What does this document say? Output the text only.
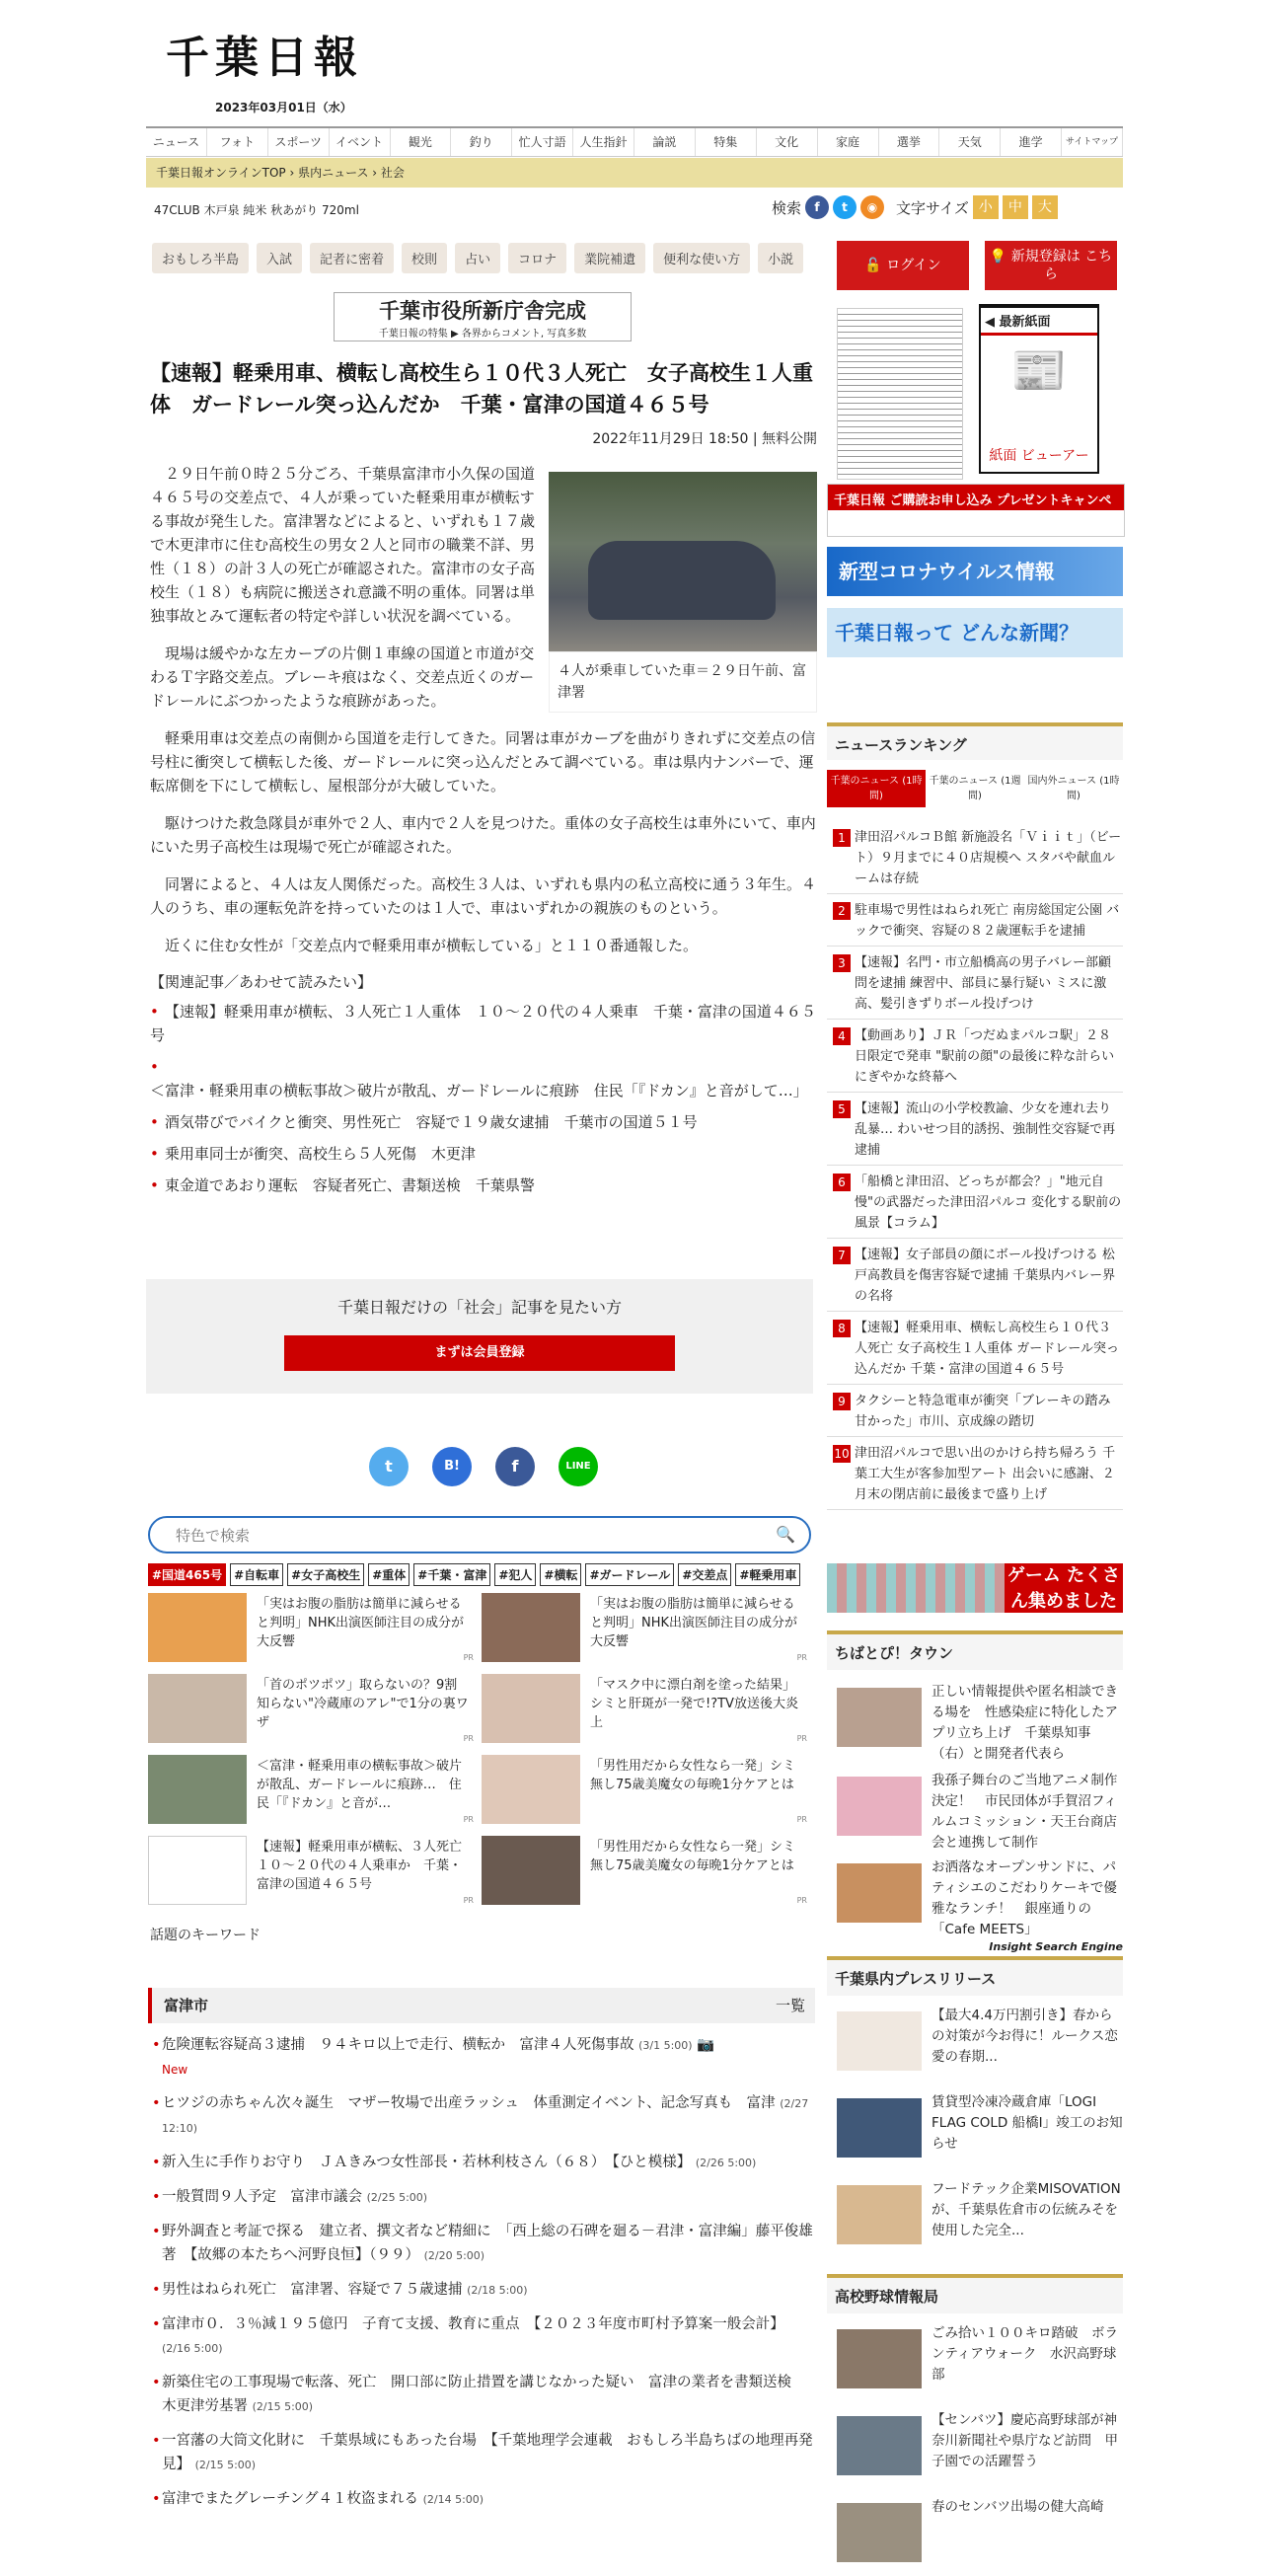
千葉日報
2023年03月01日（水）
ニュース	フォト	スポーツ	イベント	観光	釣り	忙人寸語	人生指針	論説	特集	文化	家庭	選挙	天気	進学	サイトマップ
千葉日報オンラインTOP › 県内ニュース › 社会
47CLUB 木戸泉 純米 秋あがり 720ml	検索	f	t	◉	文字サイズ 小	中	大
おもしろ半島	入試	記者に密着	校則	占い	コロナ	業院補遺	便利な使い方	小説
千葉市役所新庁舎完成
千葉日報の特集 ▶ 各界からコメント, 写真多数
【速報】軽乗用車、横転し高校生ら１０代３人死亡　女子高校生１人重体　ガードレール突っ込んだか　千葉・富津の国道４６５号
2022年11月29日 18:50 | 無料公開
４人が乗車していた車＝２９日午前、富津署

２９日午前０時２５分ごろ、千葉県富津市小久保の国道４６５号の交差点で、４人が乗っていた軽乗用車が横転する事故が発生した。富津署などによると、いずれも１７歳で木更津市に住む高校生の男女２人と同市の職業不詳、男性（１８）の計３人の死亡が確認された。富津市の女子高校生（１８）も病院に搬送され意識不明の重体。同署は単独事故とみて運転者の特定や詳しい状況を調べている。

現場は緩やかな左カーブの片側１車線の国道と市道が交わるＴ字路交差点。ブレーキ痕はなく、交差点近くのガードレールにぶつかったような痕跡があった。

軽乗用車は交差点の南側から国道を走行してきた。同署は車がカーブを曲がりきれずに交差点の信号柱に衝突して横転した後、ガードレールに突っ込んだとみて調べている。車は県内ナンバーで、運転席側を下にして横転し、屋根部分が大破していた。

駆けつけた救急隊員が車外で２人、車内で２人を見つけた。重体の女子高校生は車外にいて、車内にいた男子高校生は現場で死亡が確認された。

同署によると、４人は友人関係だった。高校生３人は、いずれも県内の私立高校に通う３年生。４人のうち、車の運転免許を持っていたのは１人で、車はいずれかの親族のものという。

近くに住む女性が「交差点内で軽乗用車が横転している」と１１０番通報した。

【関連記事／あわせて読みたい】
• 【速報】軽乗用車が横転、３人死亡１人重体　１０～２０代の４人乗車　千葉・富津の国道４６５号
• ＜富津・軽乗用車の横転事故＞破片が散乱、ガードレールに痕跡　住民「『ドカン』と音がして…」
• 酒気帯びでバイクと衝突、男性死亡　容疑で１９歳女逮捕　千葉市の国道５１号
• 乗用車同士が衝突、高校生ら５人死傷　木更津
• 東金道であおり運転　容疑者死亡、書類送検　千葉県警
千葉日報だけの「社会」記事を見たい方
まずは会員登録
t	B!	f	LINE
特色で検索
🔍
#国道465号	#自転車	#女子高校生	#重体	#千葉・富津	#犯人	#横転	#ガードレール	#交差点	#軽乗用車
「実はお腹の脂肪は簡単に減らせると判明」NHK出演医師注目の成分が大反響
PR
「実はお腹の脂肪は簡単に減らせると判明」NHK出演医師注目の成分が大反響
PR
「首のポツポツ」取らないの？9割知らない"冷蔵庫のアレ"で1分の裏ワザ
PR
「マスク中に漂白剤を塗った結果」シミと肝斑が一発で!?TV放送後大炎上
PR
＜富津・軽乗用車の横転事故＞破片が散乱、ガードレールに痕跡…　住民「『ドカン』と音が…
PR
「男性用だから女性なら一発」シミ無し75歳美魔女の毎晩1分ケアとは
PR
【速報】軽乗用車が横転、３人死亡　１０～２０代の４人乗車か　千葉・富津の国道４６５号
PR
「男性用だから女性なら一発」シミ無し75歳美魔女の毎晩1分ケアとは
PR
話題のキーワード
Insight Search Engine
富津市	一覧
• 危険運転容疑高３逮捕　９４キロ以上で走行、横転か　富津４人死傷事故 (3/1 5:00) 📷
New
• ヒツジの赤ちゃん次々誕生　マザー牧場で出産ラッシュ　体重測定イベント、記念写真も　富津 (2/27 12:10)
• 新入生に手作りお守り　ＪＡきみつ女性部長・若林利枝さん（６８）　【ひと模様】 (2/26 5:00)
• 一般質問９人予定　富津市議会 (2/25 5:00)
• 野外調査と考証で探る　建立者、撰文者など精細に　「西上総の石碑を廻る－君津・富津編」藤平俊雄著　【故郷の本たちへ河野良恒】（９９） (2/20 5:00)
• 男性はねられ死亡　富津署、容疑で７５歳逮捕 (2/18 5:00)
• 富津市０．３％減１９５億円　子育て支援、教育に重点　【２０２３年度市町村予算案一般会計】 (2/16 5:00)
• 新築住宅の工事現場で転落、死亡　開口部に防止措置を講じなかった疑い　富津の業者を書類送検　木更津労基署 (2/15 5:00)
• 一宮藩の大筒文化財に　千葉県域にもあった台場　【千葉地理学会連載　おもしろ半島ちばの地理再発見】 (2/15 5:00)
• 富津でまたグレーチング４１枚盗まれる (2/14 5:00)
🔓 ログイン
💡 新規登録は こちら
◀ 最新紙面
📰
紙面 ビューアー
千葉日報 ご購読お申し込み プレゼントキャンペーン実施中！
新型コロナウイルス情報
千葉日報って どんな新聞？
ニュースランキング
千葉のニュース (1時間)
千葉のニュース (1週間)
国内外ニュース (1時間)
1 津田沼パルコＢ館 新施設名「Ｖｉｉｔ」（ビート）９月までに４０店規模へ スタバや献血ルームは存続
2 駐車場で男性はねられ死亡 南房総国定公園 バックで衝突、容疑の８２歳運転手を逮捕
3 【速報】名門・市立船橋高の男子バレー部顧問を逮捕 練習中、部員に暴行疑い ミスに激高、髪引きずりボール投げつけ
4 【動画あり】ＪＲ「つだぬまパルコ駅」２８日限定で発車 "駅前の顔"の最後に粋な計らい にぎやかな終幕へ
5 【速報】流山の小学校教諭、少女を連れ去り乱暴… わいせつ目的誘拐、強制性交容疑で再逮捕
6 「船橋と津田沼、どっちが都会？」"地元自慢"の武器だった津田沼パルコ 変化する駅前の風景【コラム】
7 【速報】女子部員の顔にボール投げつける 松戸高教員を傷害容疑で逮捕 千葉県内バレー界の名将
8 【速報】軽乗用車、横転し高校生ら１０代３人死亡 女子高校生１人重体 ガードレール突っ込んだか 千葉・富津の国道４６５号
9 タクシーと特急電車が衝突「ブレーキの踏み甘かった」市川、京成線の踏切
10 津田沼パルコで思い出のかけら持ち帰ろう 千葉工大生が客参加型アート 出会いに感謝、２月末の閉店前に最後まで盛り上げ
ゲーム たくさん集めました
ちばとぴ！タウン
正しい情報提供や匿名相談できる場を　性感染症に特化したアプリ立ち上げ　千葉県知事（右）と開発者代表ら
我孫子舞台のご当地アニメ制作決定！　市民団体が手賀沼フィルムコミッション・天王台商店会と連携して制作
お洒落なオープンサンドに、パティシエのこだわりケーキで優雅なランチ！　銀座通りの「Cafe MEETS」
千葉県内プレスリリース
【最大4.4万円割引き】春からの対策が今お得に！ルークス恋愛の春期...
賃貸型冷凍冷蔵倉庫「LOGI FLAG COLD 船橋I」竣工のお知らせ
フードテック企業MISOVATIONが、千葉県佐倉市の伝統みそを使用した完全...
高校野球情報局
ごみ拾い１００キロ踏破　ボランティアウォーク　水沢高野球部
【センバツ】慶応高野球部が神奈川新聞社や県庁など訪問　甲子園での活躍誓う
春のセンバツ出場の健大高崎
